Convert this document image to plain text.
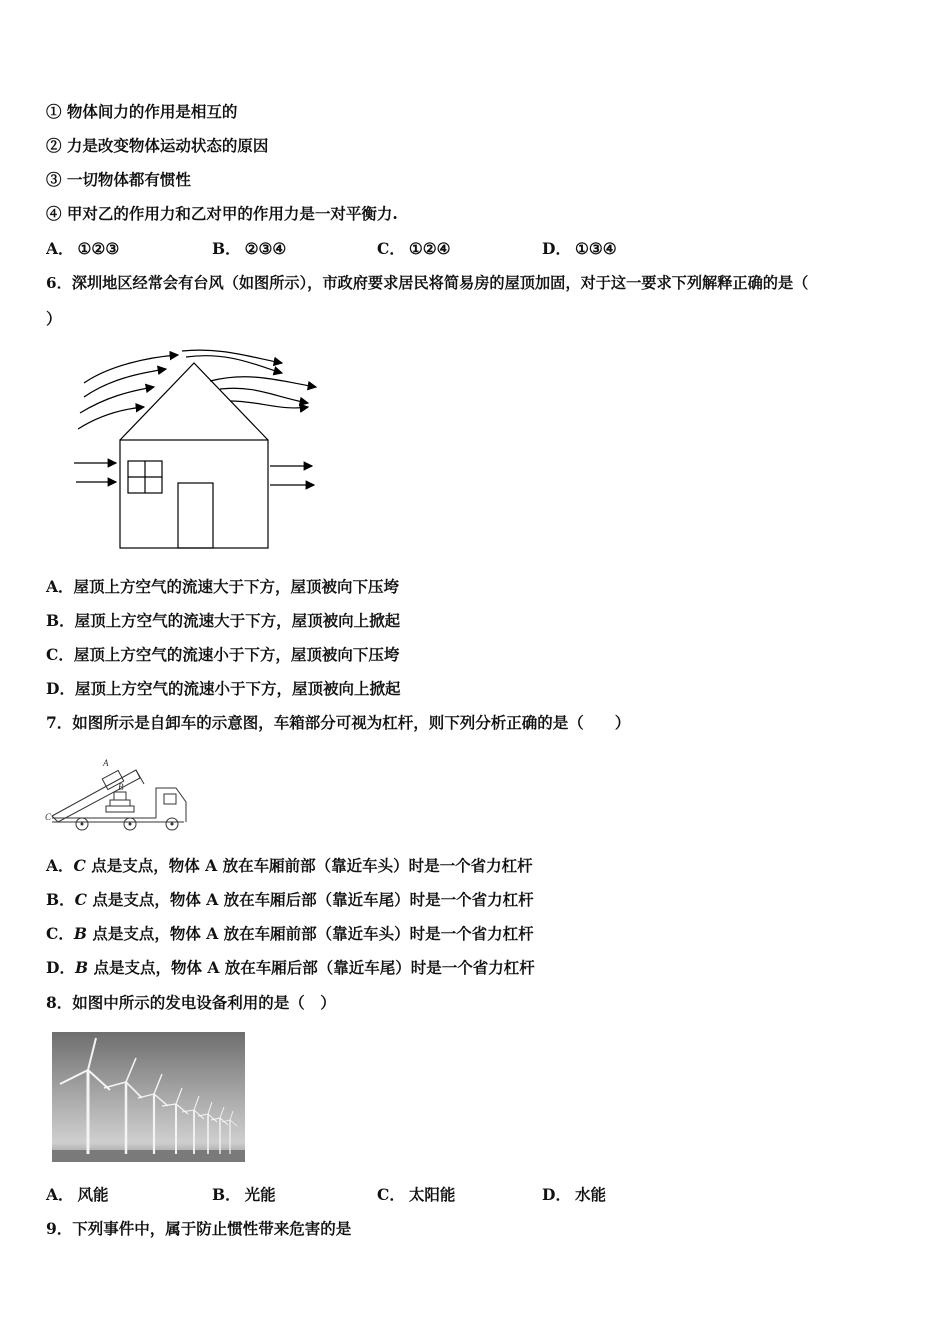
① 物体间力的作用是相互的
② 力是改变物体运动状态的原因
③ 一切物体都有惯性
④ 甲对乙的作用力和乙对甲的作用力是一对平衡力.
A． ①②③	B． ②③④	C． ①②④	D． ①③④
6．深圳地区经常会有台风（如图所示），市政府要求居民将简易房的屋顶加固，对于这一要求下列解释正确的是（
）
A．屋顶上方空气的流速大于下方，屋顶被向下压垮
B．屋顶上方空气的流速大于下方，屋顶被向上掀起
C．屋顶上方空气的流速小于下方，屋顶被向下压垮
D．屋顶上方空气的流速小于下方，屋顶被向上掀起
7．如图所示是自卸车的示意图，车箱部分可视为杠杆，则下列分析正确的是（　　）
A
B
C
A．C 点是支点，物体 A 放在车厢前部（靠近车头）时是一个省力杠杆
B．C 点是支点，物体 A 放在车厢后部（靠近车尾）时是一个省力杠杆
C．B 点是支点，物体 A 放在车厢前部（靠近车头）时是一个省力杠杆
D．B 点是支点，物体 A 放在车厢后部（靠近车尾）时是一个省力杠杆
8．如图中所示的发电设备利用的是（　）
A． 风能	B． 光能	C． 太阳能	D． 水能
9．下列事件中，属于防止惯性带来危害的是
